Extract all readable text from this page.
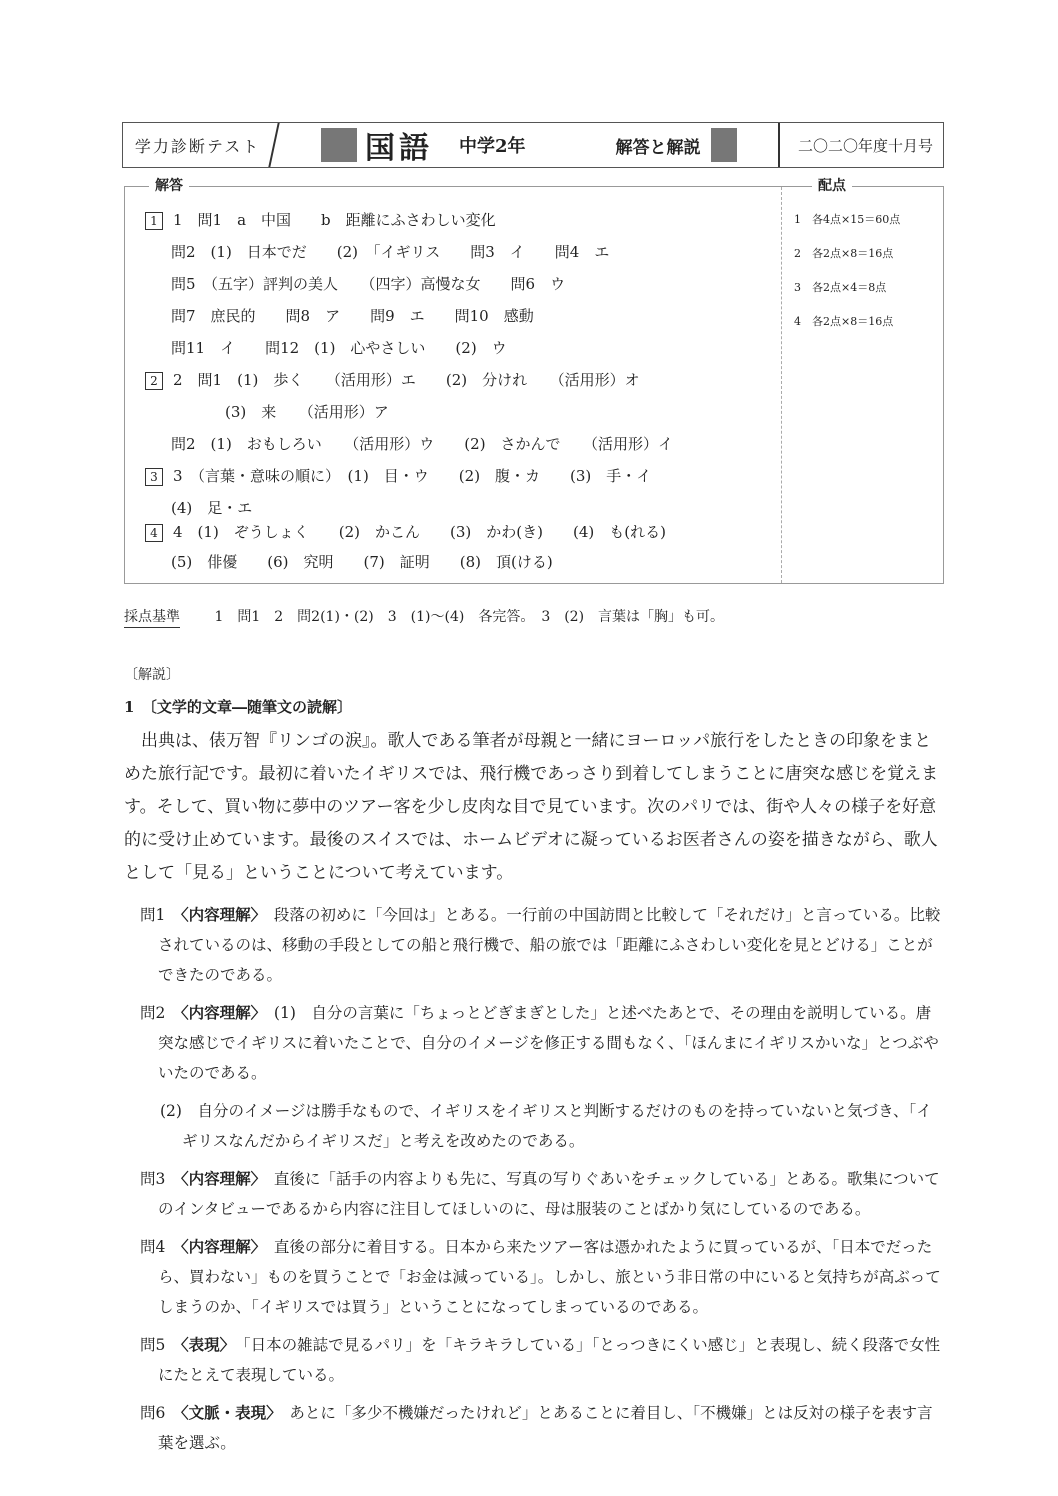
学力診断テスト	国語 中学2年	解答と解説	二〇二〇年度十月号
解答
1 1　問1　a　中国　　b　距離にふさわしい変化
問2　(1)　日本でだ　　(2)　「イギリス　　問3　イ　　問4　エ
問5　（五字）評判の美人　　（四字）高慢な女　　問6　ウ
問7　庶民的　　問8　ア　　問9　エ　　問10　感動
問11　イ　　問12　(1)　心やさしい　　(2)　ウ
2 2　問1　(1)　歩く　　（活用形）エ　　(2)　分けれ　　（活用形）オ
(3)　来　　（活用形）ア
問2　(1)　おもしろい　　（活用形）ウ　　(2)　さかんで　　（活用形）イ
3 3　（言葉・意味の順に）　(1)　目・ウ　　(2)　腹・カ　　(3)　手・イ
(4)　足・エ
4 4　(1)　ぞうしょく　　(2)　かこん　　(3)　かわ(き)　　(4)　も(れる)
(5)　俳優　　(6)　究明　　(7)　証明　　(8)　頂(ける)
配点
1　各4点×15＝60点
2　各2点×8＝16点
3　各2点×4＝8点
4　各2点×8＝16点
採点基準 1　問1　2　問2(1)・(2)　3　(1)〜(4)　各完答。　3　(2)　言葉は「胸」も可。
〔解説〕
1　〔文学的文章―随筆文の読解〕

出典は、俵万智『リンゴの涙』。歌人である筆者が母親と一緒にヨーロッパ旅行をしたときの印象をまとめた旅行記です。最初に着いたイギリスでは、飛行機であっさり到着してしまうことに唐突な感じを覚えます。そして、買い物に夢中のツアー客を少し皮肉な目で見ています。次のパリでは、街や人々の様子を好意的に受け止めています。最後のスイスでは、ホームビデオに凝っているお医者さんの姿を描きながら、歌人として「見る」ということについて考えています。

問1　 〈内容理解〉　 段落の初めに「今回は」とある。一行前の中国訪問と比較して「それだけ」と言っている。比較されているのは、移動の手段としての船と飛行機で、船の旅では「距離にふさわしい変化を見とどける」ことができたのである。

問2　 〈内容理解〉　 (1)　自分の言葉に「ちょっとどぎまぎとした」と述べたあとで、その理由を説明している。唐突な感じでイギリスに着いたことで、自分のイメージを修正する間もなく、「ほんまにイギリスかいな」とつぶやいたのである。

(2)　自分のイメージは勝手なもので、イギリスをイギリスと判断するだけのものを持っていないと気づき、「イギリスなんだからイギリスだ」と考えを改めたのである。

問3　 〈内容理解〉　 直後に「話手の内容よりも先に、写真の写りぐあいをチェックしている」とある。歌集についてのインタビューであるから内容に注目してほしいのに、母は服装のことばかり気にしているのである。

問4　 〈内容理解〉　 直後の部分に着目する。日本から来たツアー客は憑かれたように買っているが、「日本でだったら、買わない」ものを買うことで「お金は減っている」。しかし、旅という非日常の中にいると気持ちが高ぶってしまうのか、「イギリスでは買う」ということになってしまっているのである。

問5　 〈表現〉　 「日本の雑誌で見るパリ」を「キラキラしている」「とっつきにくい感じ」と表現し、続く段落で女性にたとえて表現している。

問6　 〈文脈・表現〉　 あとに「多少不機嫌だったけれど」とあることに着目し、「不機嫌」とは反対の様子を表す言葉を選ぶ。
